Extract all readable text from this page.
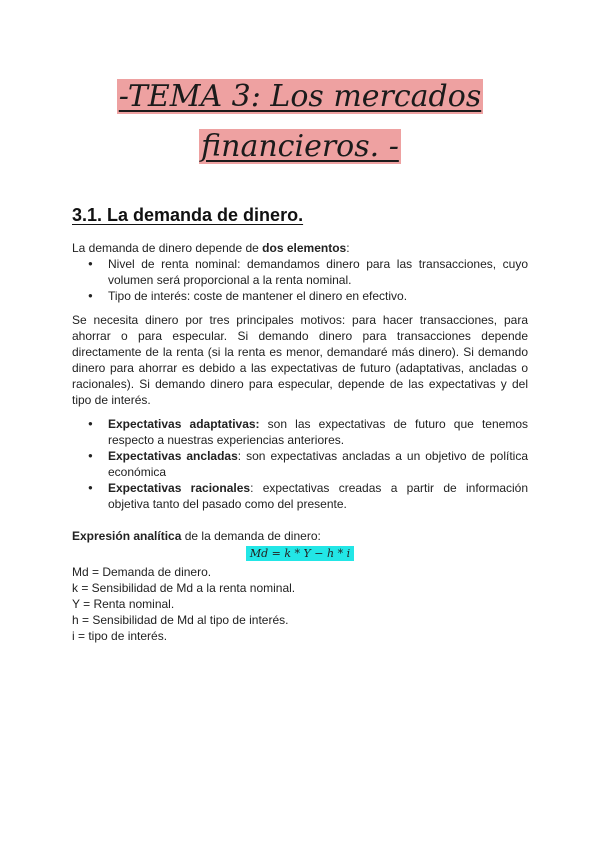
-TEMA 3: Los mercados
financieros. -
3.1. La demanda de dinero.

La demanda de dinero depende de dos elementos:

● Nivel de renta nominal: demandamos dinero para las transacciones, cuyo volumen será proporcional a la renta nominal.
● Tipo de interés: coste de mantener el dinero en efectivo.

Se necesita dinero por tres principales motivos: para hacer transacciones, para ahorrar o para especular. Si demando dinero para transacciones depende directamente de la renta (si la renta es menor, demandaré más dinero). Si demando dinero para ahorrar es debido a las expectativas de futuro (adaptativas, ancladas o racionales). Si demando dinero para especular, depende de las expectativas y del tipo de interés.

● Expectativas adaptativas: son las expectativas de futuro que tenemos respecto a nuestras experiencias anteriores.
● Expectativas ancladas: son expectativas ancladas a un objetivo de política económica
● Expectativas racionales: expectativas creadas a partir de información objetiva tanto del pasado como del presente.

Expresión analítica de la demanda de dinero:

Md = k * Y − h * i

Md = Demanda de dinero.

k = Sensibilidad de Md a la renta nominal.

Y = Renta nominal.

h = Sensibilidad de Md al tipo de interés.

i = tipo de interés.
